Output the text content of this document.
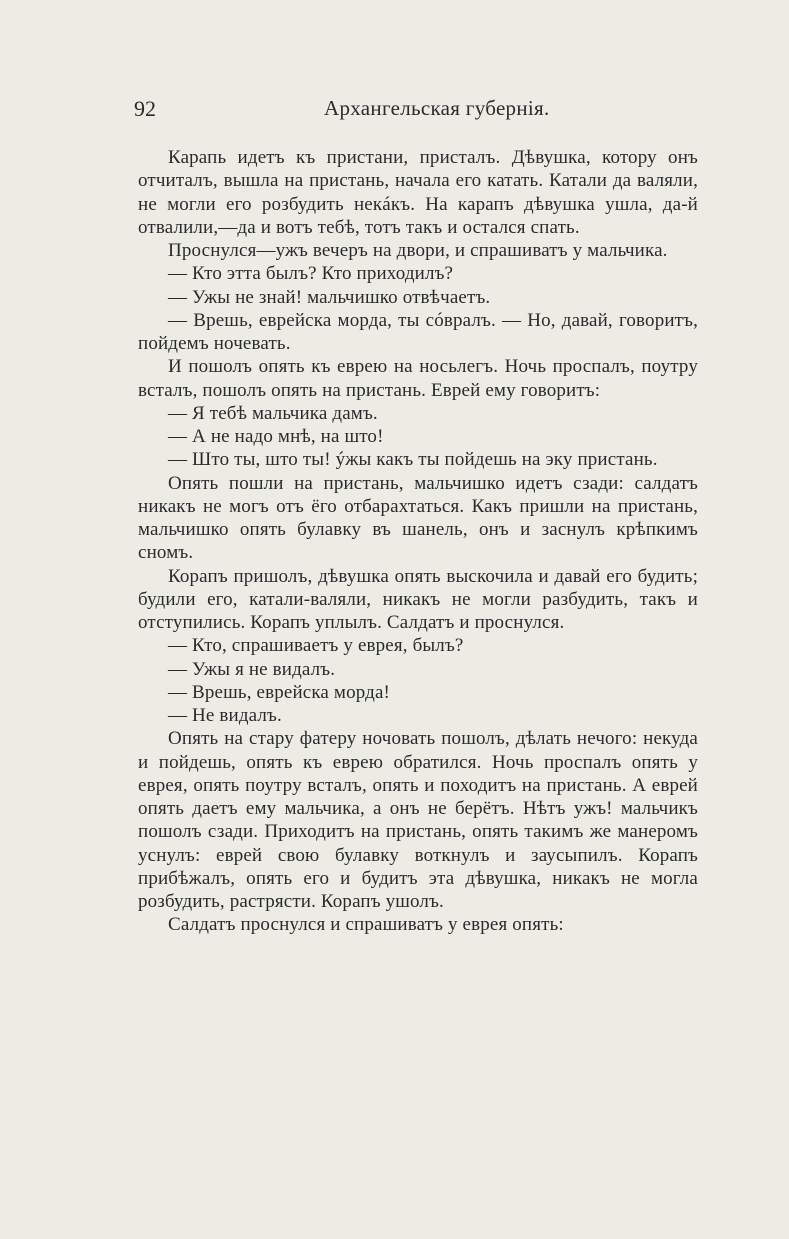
92	Архангельская губернія.

Карапь идетъ къ пристани, присталъ. Дѣвушка, котору онъ отчиталъ, вышла на пристань, начала его катать. Катали да валяли, не могли его розбудить некáкъ. На карапъ дѣвушка ушла, да-й отвалили,—да и вотъ тебѣ, тотъ такъ и остался спать.

Проснулся—ужъ вечеръ на двори, и спрашиватъ у мальчика.

— Кто этта былъ? Кто приходилъ?

— Ужы не знай! мальчишко отвѣчаетъ.

— Врешь, еврейска морда, ты сóвралъ. — Но, давай, говоритъ, пойдемъ ночевать.

И пошолъ опять къ еврею на носьлегъ. Ночь проспалъ, поутру всталъ, пошолъ опять на пристань. Еврей ему говоритъ:

— Я тебѣ мальчика дамъ.

— А не надо мнѣ, на што!

— Што ты, што ты! ýжы какъ ты пойдешь на эку пристань.

Опять пошли на пристань, мальчишко идетъ сзади: салдатъ никакъ не могъ отъ ёго отбарахтаться. Какъ пришли на пристань, мальчишко опять булавку въ шанель, онъ и заснулъ крѣпкимъ сномъ.

Корапъ пришолъ, дѣвушка опять выскочила и давай его будить; будили его, катали-валяли, никакъ не могли разбудить, такъ и отступились. Корапъ уплылъ. Салдатъ и проснулся.

— Кто, спрашиваетъ у еврея, былъ?

— Ужы я не видалъ.

— Врешь, еврейска морда!

— Не видалъ.

Опять на стару фатеру ночовать пошолъ, дѣлать нечого: некуда и пойдешь, опять къ еврею обратился. Ночь проспалъ опять у еврея, опять поутру всталъ, опять и походитъ на пристань. А еврей опять даетъ ему мальчика, а онъ не берётъ. Нѣтъ ужъ! мальчикъ пошолъ сзади. Приходитъ на пристань, опять такимъ же манеромъ уснулъ: еврей свою булавку воткнулъ и заусыпилъ. Корапъ прибѣжалъ, опять его и будитъ эта дѣвушка, никакъ не могла розбудить, растрясти. Корапъ ушолъ.

Салдатъ проснулся и спрашиватъ у еврея опять:
